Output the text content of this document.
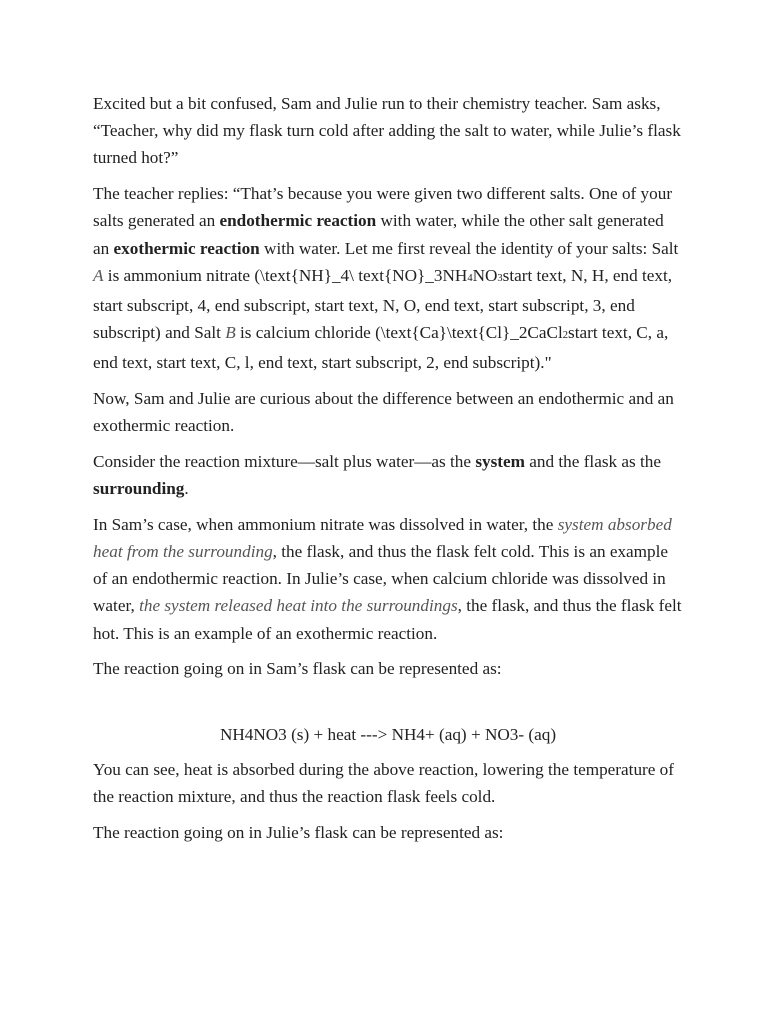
Excited but a bit confused, Sam and Julie run to their chemistry teacher. Sam asks, “Teacher, why did my flask turn cold after adding the salt to water, while Julie’s flask turned hot?”

The teacher replies: “That’s because you were given two different salts. One of your salts generated an endothermic reaction with water, while the other salt generated an exothermic reaction with water. Let me first reveal the identity of your salts: Salt A is ammonium nitrate (\text{NH}_4\ text{NO}_3NH4NO3start text, N, H, end text, start subscript, 4, end subscript, start text, N, O, end text, start subscript, 3, end subscript) and Salt B is calcium chloride (\text{Ca}\text{Cl}_2CaCl2start text, C, a, end text, start text, C, l, end text, start subscript, 2, end subscript)."

Now, Sam and Julie are curious about the difference between an endothermic and an exothermic reaction.

Consider the reaction mixture—salt plus water—as the system and the flask as the surrounding.

In Sam’s case, when ammonium nitrate was dissolved in water, the system absorbed heat from the surrounding, the flask, and thus the flask felt cold. This is an example of an endothermic reaction. In Julie’s case, when calcium chloride was dissolved in water, the system released heat into the surroundings, the flask, and thus the flask felt hot. This is an example of an exothermic reaction.

The reaction going on in Sam’s flask can be represented as:

NH4NO3 (s) + heat ---> NH4+ (aq) + NO3- (aq)

You can see, heat is absorbed during the above reaction, lowering the temperature of the reaction mixture, and thus the reaction flask feels cold.

The reaction going on in Julie’s flask can be represented as:
